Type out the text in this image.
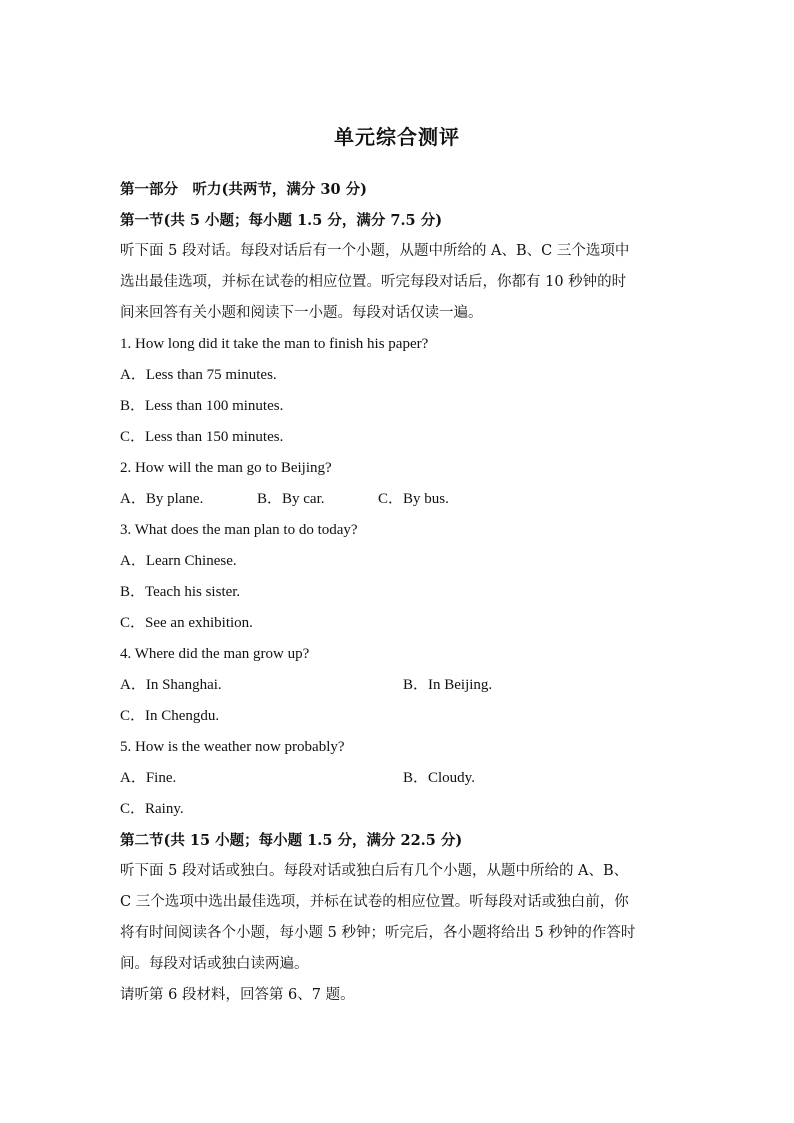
单元综合测评
第一部分　听力(共两节，满分 30 分)
第一节(共 5 小题；每小题 1.5 分，满分 7.5 分)
听下面 5 段对话。每段对话后有一个小题，从题中所给的 A、B、C 三个选项中
选出最佳选项，并标在试卷的相应位置。听完每段对话后，你都有 10 秒钟的时
间来回答有关小题和阅读下一小题。每段对话仅读一遍。
1. How long did it take the man to finish his paper?
A．Less than 75 minutes.
B．Less than 100 minutes.
C．Less than 150 minutes.
2. How will the man go to Beijing?
A．By plane.	B．By car.	C．By bus.
3. What does the man plan to do today?
A．Learn Chinese.
B．Teach his sister.
C．See an exhibition.
4. Where did the man grow up?
A．In Shanghai.	B．In Beijing.
C．In Chengdu.
5. How is the weather now probably?
A．Fine.	B．Cloudy.
C．Rainy.
第二节(共 15 小题；每小题 1.5 分，满分 22.5 分)
听下面 5 段对话或独白。每段对话或独白后有几个小题，从题中所给的 A、B、
C 三个选项中选出最佳选项，并标在试卷的相应位置。听每段对话或独白前，你
将有时间阅读各个小题，每小题 5 秒钟；听完后，各小题将给出 5 秒钟的作答时
间。每段对话或独白读两遍。
请听第 6 段材料，回答第 6、7 题。
